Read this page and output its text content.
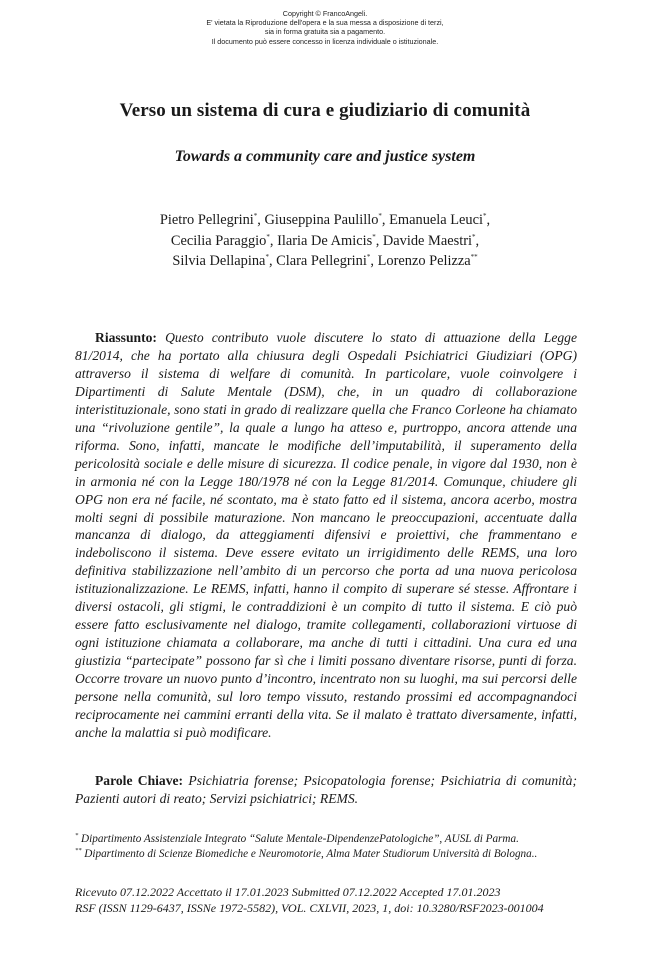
Copyright © FrancoAngeli.
E' vietata la Riproduzione dell'opera e la sua messa a disposizione di terzi,
sia in forma gratuita sia a pagamento.
Il documento può essere concesso in licenza individuale o istituzionale.
Verso un sistema di cura e giudiziario di comunità
Towards a community care and justice system
Pietro Pellegrini*, Giuseppina Paulillo*, Emanuela Leuci*,
Cecilia Paraggio*, Ilaria De Amicis*, Davide Maestri*,
Silvia Dellapina*, Clara Pellegrini*, Lorenzo Pelizza**
Riassunto: Questo contributo vuole discutere lo stato di attuazione della Legge 81/2014, che ha portato alla chiusura degli Ospedali Psichiatrici Giudiziari (OPG) attraverso il sistema di welfare di comunità. In particolare, vuole coinvolgere i Dipartimenti di Salute Mentale (DSM), che, in un quadro di collaborazione interistituzionale, sono stati in grado di realizzare quella che Franco Corleone ha chiamato una “rivoluzione gentile”, la quale a lungo ha atteso e, purtroppo, ancora attende una riforma. Sono, infatti, mancate le modifiche dell’imputabilità, il superamento della pericolosità sociale e delle misure di sicurezza. Il codice penale, in vigore dal 1930, non è in armonia né con la Legge 180/1978 né con la Legge 81/2014. Comunque, chiudere gli OPG non era né facile, né scontato, ma è stato fatto ed il sistema, ancora acerbo, mostra molti segni di possibile maturazione. Non mancano le preoccupazioni, accentuate dalla mancanza di dialogo, da atteggiamenti difensivi e proiettivi, che frammentano e indeboliscono il sistema. Deve essere evitato un irrigidimento delle REMS, una loro definitiva stabilizzazione nell’ambito di un percorso che porta ad una nuova pericolosa istituzionalizzazione. Le REMS, infatti, hanno il compito di superare sé stesse. Affrontare i diversi ostacoli, gli stigmi, le contraddizioni è un compito di tutto il sistema. E ciò può essere fatto esclusivamente nel dialogo, tramite collegamenti, collaborazioni virtuose di ogni istituzione chiamata a collaborare, ma anche di tutti i cittadini. Una cura ed una giustizia “partecipate” possono far sì che i limiti possano diventare risorse, punti di forza. Occorre trovare un nuovo punto d’incontro, incentrato non su luoghi, ma sui percorsi delle persone nella comunità, sul loro tempo vissuto, restando prossimi ed accompagnandoci reciprocamente nei cammini erranti della vita. Se il malato è trattato diversamente, infatti, anche la malattia si può modificare.
Parole Chiave: Psichiatria forense; Psicopatologia forense; Psichiatria di comunità; Pazienti autori di reato; Servizi psichiatrici; REMS.
* Dipartimento Assistenziale Integrato “Salute Mentale-DipendenzePatologiche”, AUSL di Parma.
** Dipartimento di Scienze Biomediche e Neuromotorie, Alma Mater Studiorum Università di Bologna..
Ricevuto 07.12.2022 Accettato il 17.01.2023 Submitted 07.12.2022 Accepted 17.01.2023
RSF (ISSN 1129-6437, ISSNe 1972-5582), VOL. CXLVII, 2023, 1, doi: 10.3280/RSF2023-001004
